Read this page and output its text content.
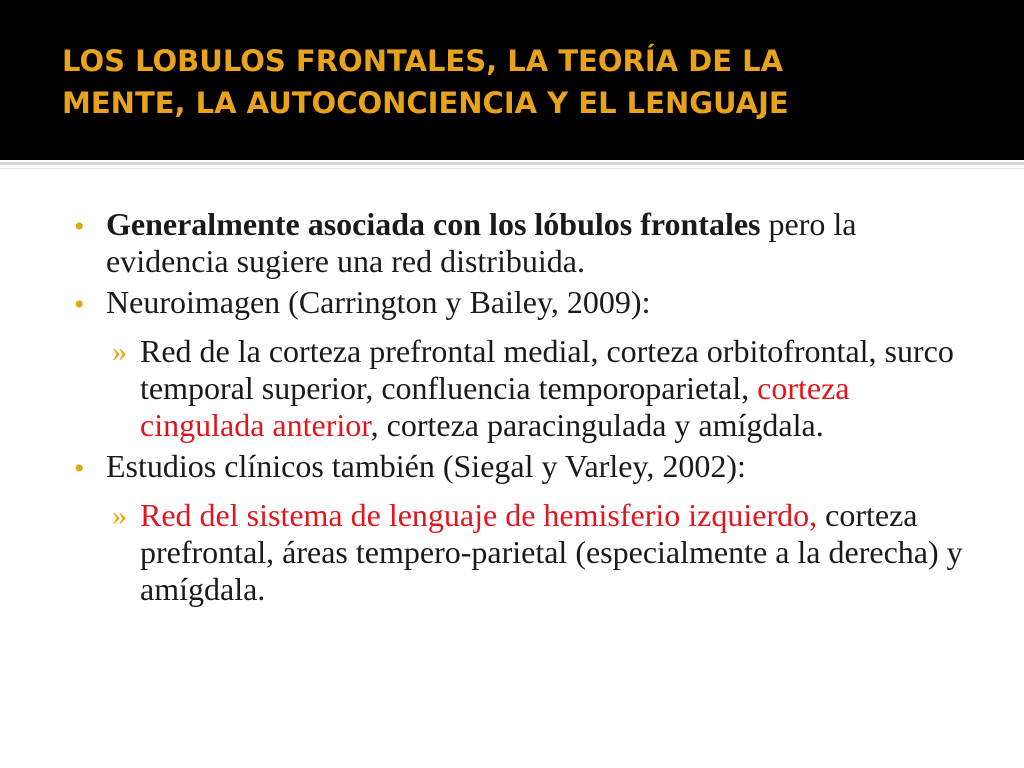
LOS LOBULOS FRONTALES, LA TEORÍA DE LA
MENTE, LA AUTOCONCIENCIA Y EL LENGUAJE
• Generalmente asociada con los lóbulos frontales pero la evidencia sugiere una red distribuida.
• Neuroimagen (Carrington y Bailey, 2009):
» Red de la corteza prefrontal medial, corteza orbitofrontal, surco temporal superior, confluencia temporoparietal, corteza cingulada anterior, corteza paracingulada y amígdala.
• Estudios clínicos también (Siegal y Varley, 2002):
» Red del sistema de lenguaje de hemisferio izquierdo, corteza prefrontal, áreas tempero-parietal (especialmente a la derecha) y amígdala.
